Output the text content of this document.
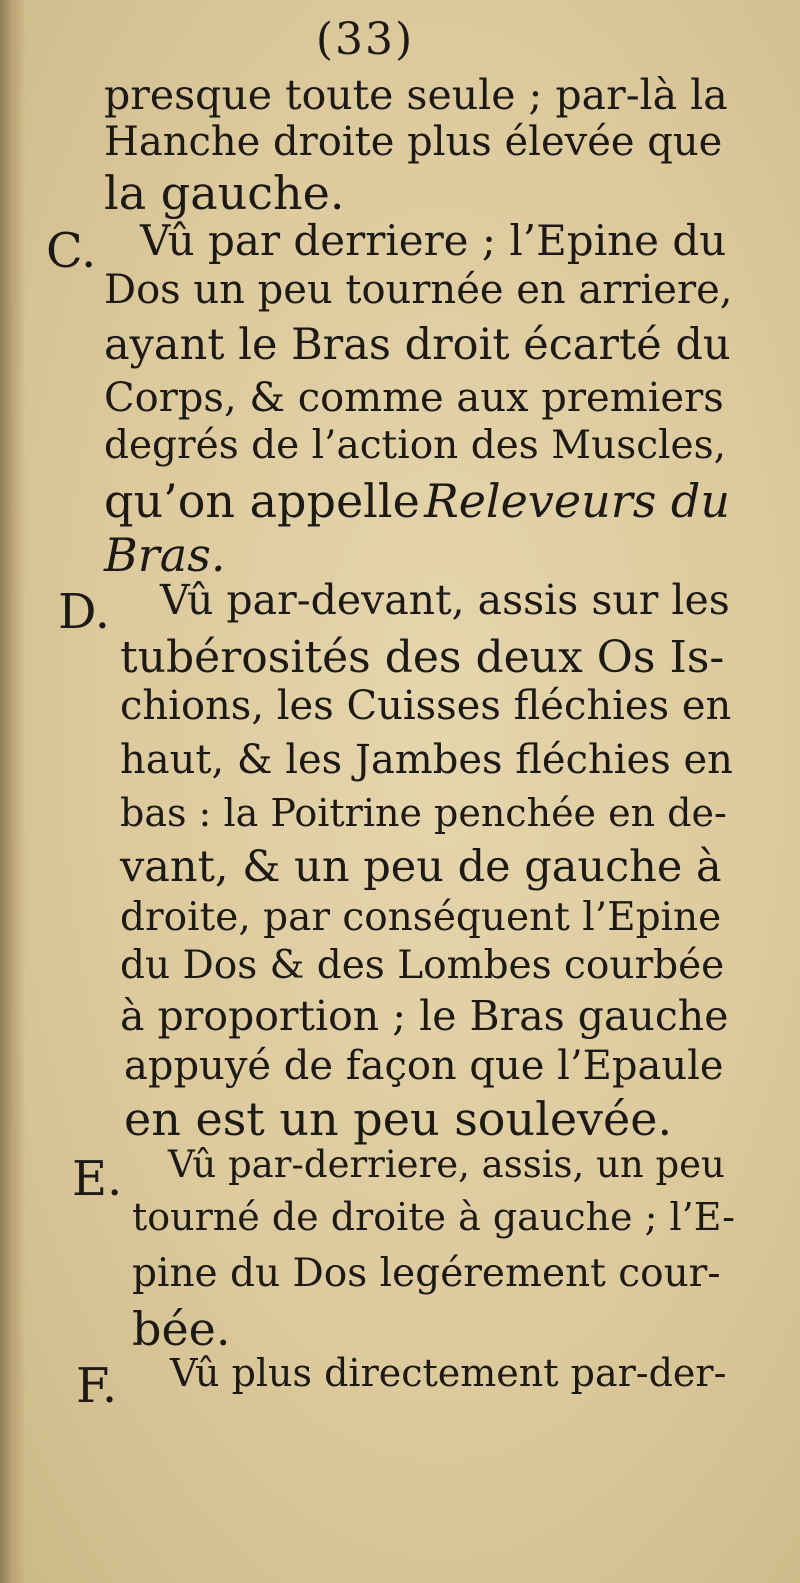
(33)
presque toute seule ; par-là la
Hanche droite plus élevée que
la gauche.
C. Vû par derriere ; l’Epine du
Dos un peu tournée en arriere,
ayant le Bras droit écarté du
Corps, & comme aux premiers
degrés de l’action des Muscles,
qu’on appelle Releveurs du
Bras.
D. Vû par-devant, assis sur les
tubérosités des deux Os Is-
chions, les Cuisses fléchies en
haut, & les Jambes fléchies en
bas : la Poitrine penchée en de-
vant, & un peu de gauche à
droite, par conséquent l’Epine
du Dos & des Lombes courbée
à proportion ; le Bras gauche
appuyé de façon que l’Epaule
en est un peu soulevée.
E. Vû par-derriere, assis, un peu
tourné de droite à gauche ; l’E-
pine du Dos legérement cour-
bée.
F. Vû plus directement par-der-
